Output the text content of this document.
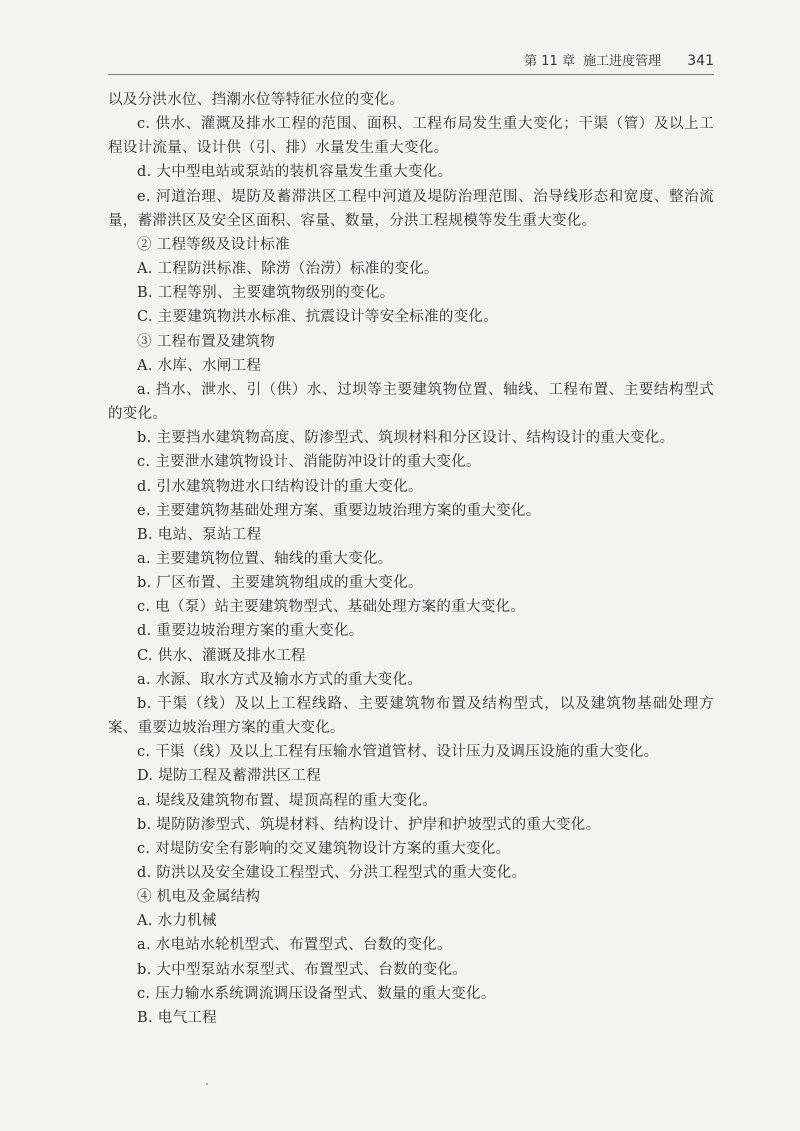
第 11 章 施工进度管理 341

以及分洪水位、挡潮水位等特征水位的变化。

c. 供水、灌溉及排水工程的范围、面积、工程布局发生重大变化；干渠（管）及以上工程设计流量、设计供（引、排）水量发生重大变化。

d. 大中型电站或泵站的装机容量发生重大变化。

e. 河道治理、堤防及蓄滞洪区工程中河道及堤防治理范围、治导线形态和宽度、整治流量，蓄滞洪区及安全区面积、容量、数量，分洪工程规模等发生重大变化。

② 工程等级及设计标准

A. 工程防洪标准、除涝（治涝）标准的变化。

B. 工程等别、主要建筑物级别的变化。

C. 主要建筑物洪水标准、抗震设计等安全标准的变化。

③ 工程布置及建筑物

A. 水库、水闸工程

a. 挡水、泄水、引（供）水、过坝等主要建筑物位置、轴线、工程布置、主要结构型式的变化。

b. 主要挡水建筑物高度、防渗型式、筑坝材料和分区设计、结构设计的重大变化。

c. 主要泄水建筑物设计、消能防冲设计的重大变化。

d. 引水建筑物进水口结构设计的重大变化。

e. 主要建筑物基础处理方案、重要边坡治理方案的重大变化。

B. 电站、泵站工程

a. 主要建筑物位置、轴线的重大变化。

b. 厂区布置、主要建筑物组成的重大变化。

c. 电（泵）站主要建筑物型式、基础处理方案的重大变化。

d. 重要边坡治理方案的重大变化。

C. 供水、灌溉及排水工程

a. 水源、取水方式及输水方式的重大变化。

b. 干渠（线）及以上工程线路、主要建筑物布置及结构型式，以及建筑物基础处理方案、重要边坡治理方案的重大变化。

c. 干渠（线）及以上工程有压输水管道管材、设计压力及调压设施的重大变化。

D. 堤防工程及蓄滞洪区工程

a. 堤线及建筑物布置、堤顶高程的重大变化。

b. 堤防防渗型式、筑堤材料、结构设计、护岸和护坡型式的重大变化。

c. 对堤防安全有影响的交叉建筑物设计方案的重大变化。

d. 防洪以及安全建设工程型式、分洪工程型式的重大变化。

④ 机电及金属结构

A. 水力机械

a. 水电站水轮机型式、布置型式、台数的变化。

b. 大中型泵站水泵型式、布置型式、台数的变化。

c. 压力输水系统调流调压设备型式、数量的重大变化。

B. 电气工程
